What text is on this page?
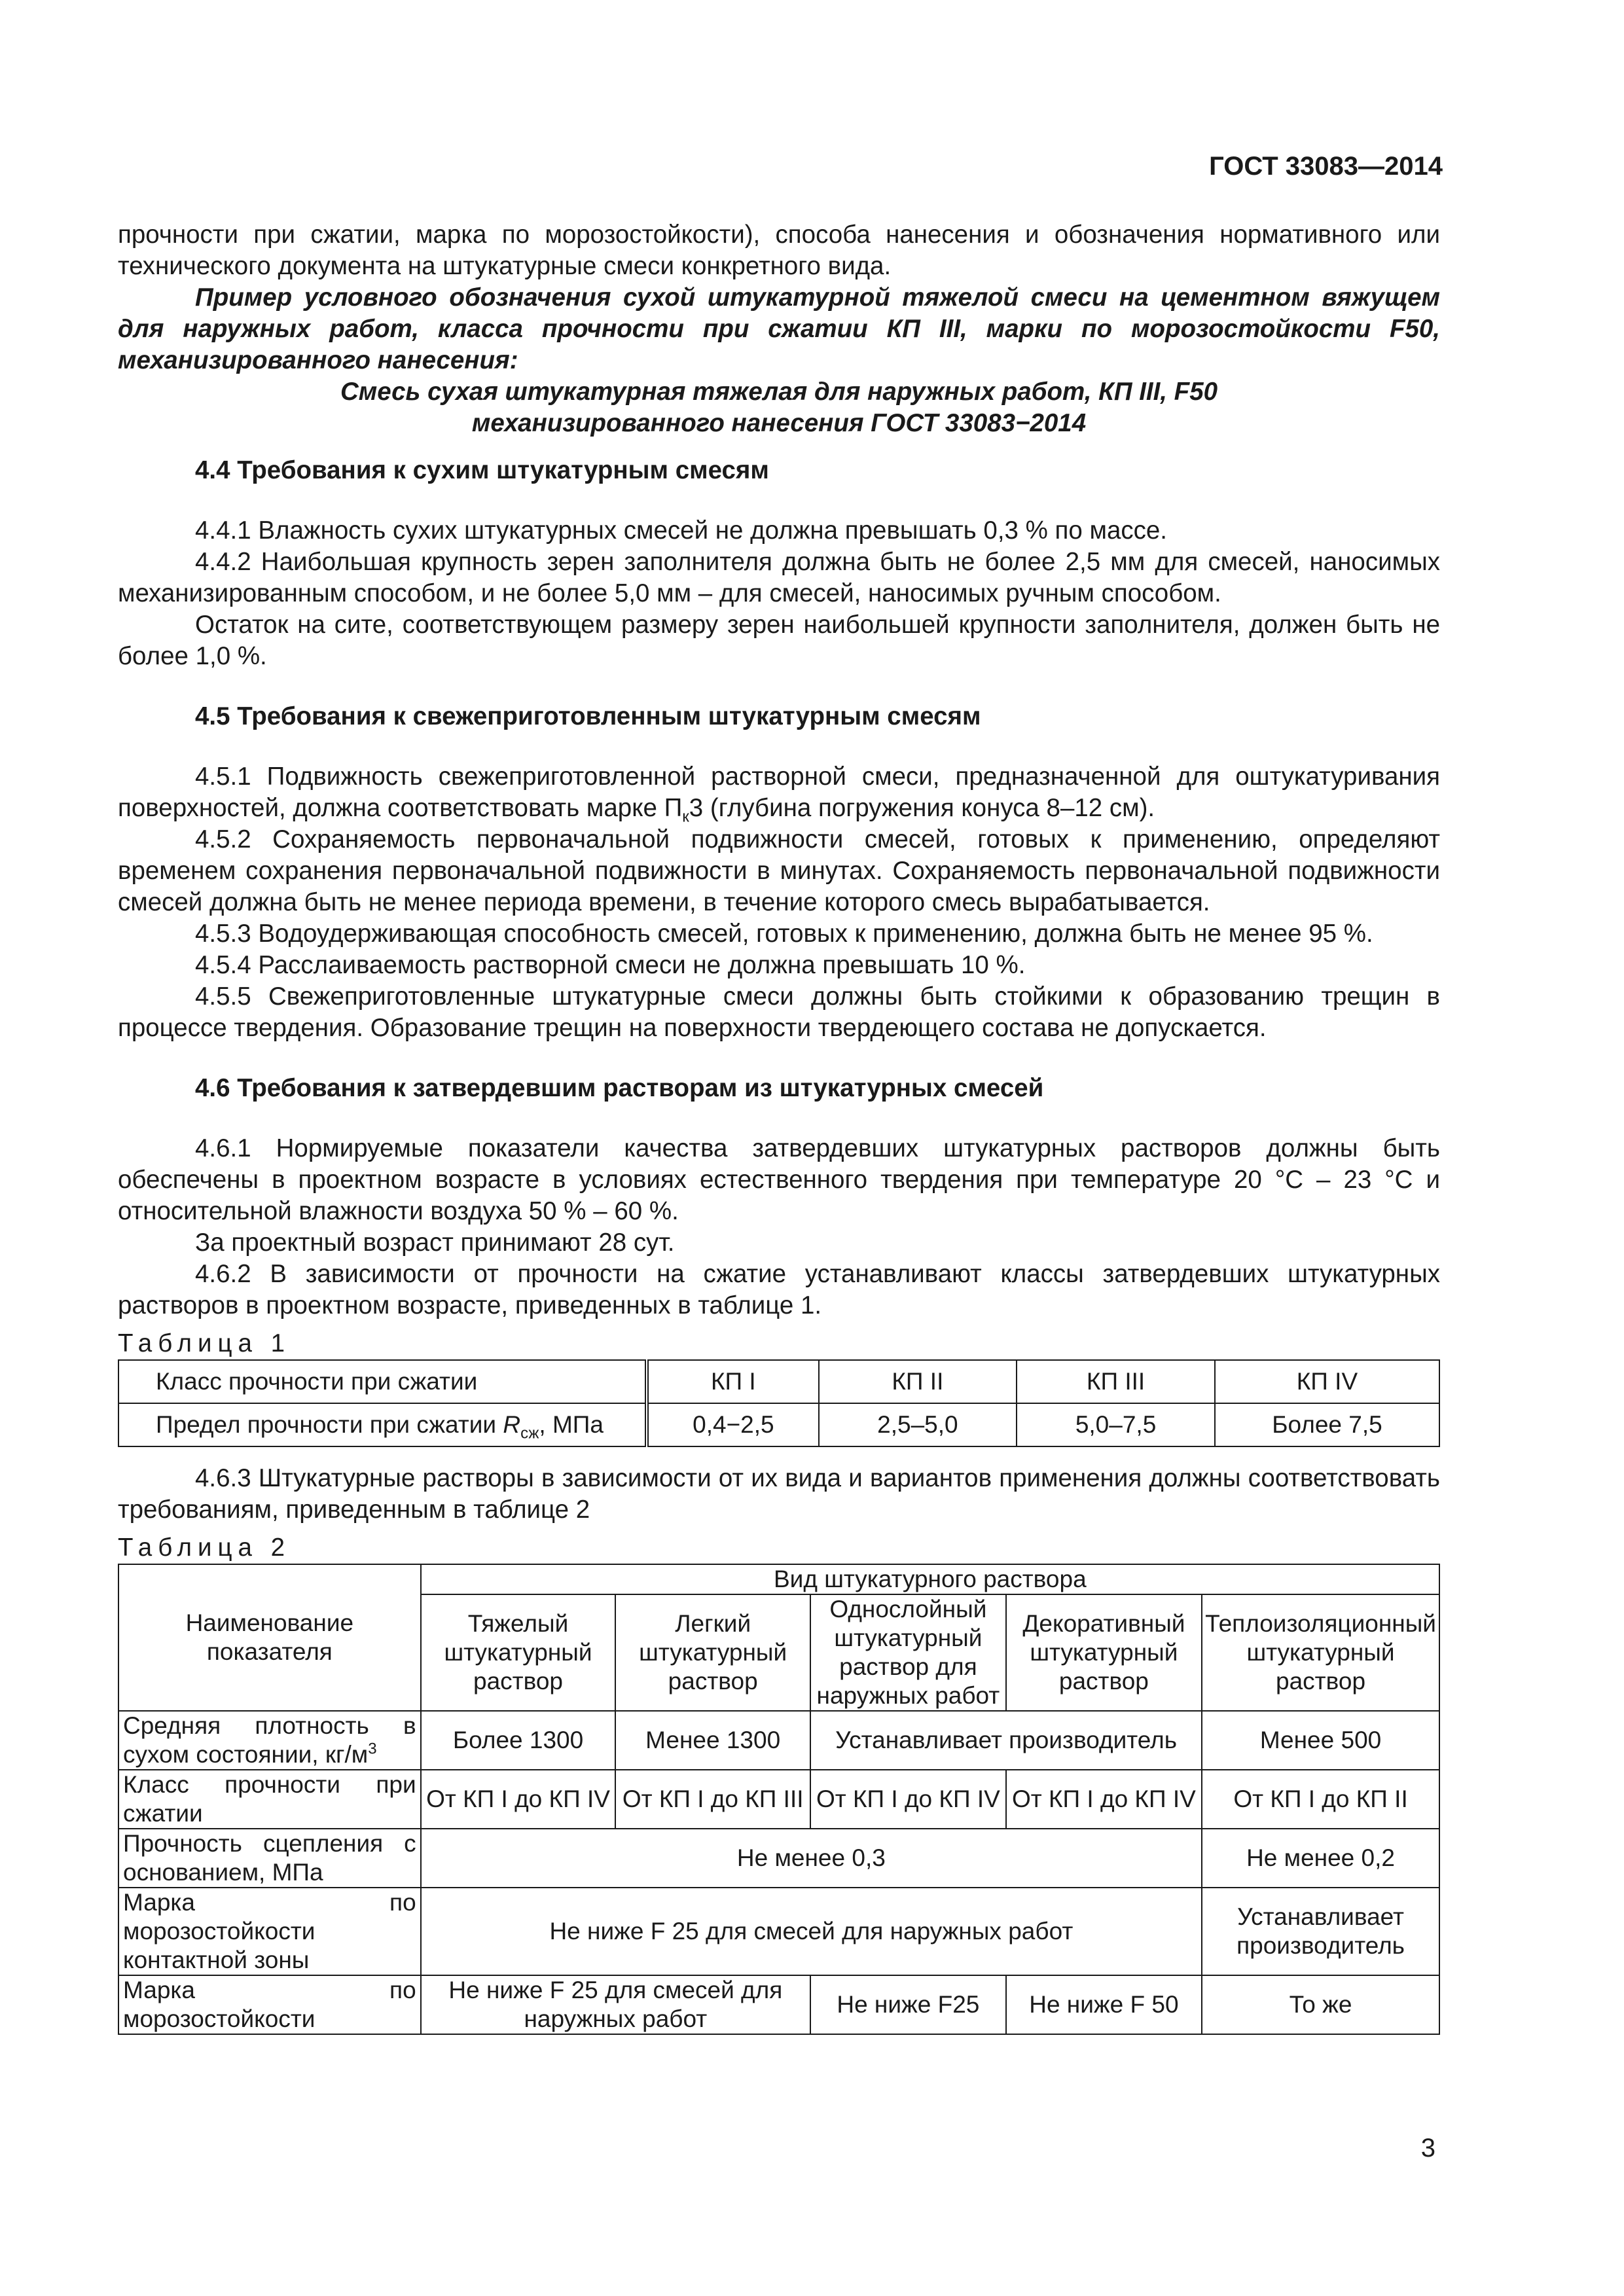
ГОСТ 33083—2014

прочности при сжатии, марка по морозостойкости), способа нанесения и обозначения нормативного или технического документа на штукатурные смеси конкретного вида.

Пример условного обозначения сухой штукатурной тяжелой смеси на цементном вяжущем для наружных работ, класса прочности при сжатии КП III, марки по морозостойкости F50, механизированного нанесения:

Смесь сухая штукатурная тяжелая для наружных работ, КП III, F50

механизированного нанесения ГОСТ 33083−2014

4.4 Требования к сухим штукатурным смесям

4.4.1 Влажность сухих штукатурных смесей не должна превышать 0,3 % по массе.

4.4.2 Наибольшая крупность зерен заполнителя должна быть не более 2,5 мм для смесей, наносимых механизированным способом, и не более 5,0 мм – для смесей, наносимых ручным способом.

Остаток на сите, соответствующем размеру зерен наибольшей крупности заполнителя, должен быть не более 1,0 %.

4.5 Требования к свежеприготовленным штукатурным смесям

4.5.1 Подвижность свежеприготовленной растворной смеси, предназначенной для оштукатуривания поверхностей, должна соответствовать марке $П_к3$ (глубина погружения конуса 8–12 см).

4.5.2 Сохраняемость первоначальной подвижности смесей, готовых к применению, определяют временем сохранения первоначальной подвижности в минутах. Сохраняемость первоначальной подвижности смесей должна быть не менее периода времени, в течение которого смесь вырабатывается.

4.5.3 Водоудерживающая способность смесей, готовых к применению, должна быть не менее 95 %.

4.5.4 Расслаиваемость растворной смеси не должна превышать 10 %.

4.5.5 Свежеприготовленные штукатурные смеси должны быть стойкими к образованию трещин в процессе твердения. Образование трещин на поверхности твердеющего состава не допускается.

4.6 Требования к затвердевшим растворам из штукатурных смесей

4.6.1 Нормируемые показатели качества затвердевших штукатурных растворов должны быть обеспечены в проектном возрасте в условиях естественного твердения при температуре 20 °С – 23 °С и относительной влажности воздуха 50 % – 60 %.

За проектный возраст принимают 28 сут.

4.6.2 В зависимости от прочности на сжатие устанавливают классы затвердевших штукатурных растворов в проектном возрасте, приведенных в таблице 1.

Таблица 1

Класс прочности при сжатии	КП I	КП II	КП III	КП IV
Предел прочности при сжатии $R_{сж}$, МПа	0,4−2,5	2,5–5,0	5,0–7,5	Более 7,5

4.6.3 Штукатурные растворы в зависимости от их вида и вариантов применения должны соответствовать требованиям, приведенным в таблице 2

Таблица 2

Наименование показателя	Вид штукатурного раствора				
	Тяжелый штукатурный раствор	Легкий штукатурный раствор	Однослойный штукатурный раствор для наружных работ	Декоративный штукатурный раствор	Теплоизоляционный штукатурный раствор
Средняя плотность в сухом состоянии, $кг/м^3$	Более 1300	Менее 1300	Устанавливает производитель		Менее 500
Класс прочности при сжатии	От КП I до КП IV	От КП I до КП III	От КП I до КП IV	От КП I до КП IV	От КП I до КП II
Прочность сцепления с основанием, МПа	Не менее 0,3				Не менее 0,2
Марка по морозостойкости контактной зоны	Не ниже F 25 для смесей для наружных работ				Устанавливает производитель
Марка по морозостойкости	Не ниже F 25 для смесей для наружных работ		Не ниже F25	Не ниже F 50	То же
3
